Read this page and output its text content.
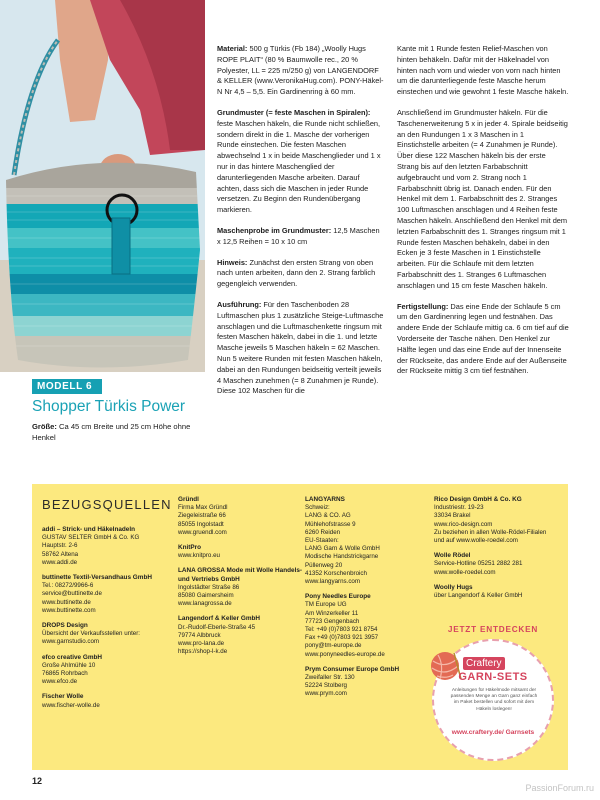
MODELL 6
Shopper Türkis Power
Größe: Ca 45 cm Breite und 25 cm Höhe ohne Henkel

Material: 500 g Türkis (Fb 184) „Woolly Hugs ROPE PLAIT“ (80 % Baumwolle rec., 20 % Polyester, LL = 225 m/250 g) von LANGENDORF & KELLER (www.VeronikaHug.com). PONY-Häkel-N Nr 4,5 – 5,5. Ein Gardinenring à 60 mm.

Grundmuster (= feste Maschen in Spiralen): feste Maschen häkeln, die Runde nicht schließen, sondern direkt in die 1. Masche der vorherigen Runde einstechen. Die festen Maschen abwechselnd 1 x in beide Maschenglieder und 1 x nur in das hintere Maschenglied der darunterliegenden Masche arbeiten. Darauf achten, dass sich die Maschen in jeder Runde versetzen. Zu Beginn den Rundenübergang markieren.

Maschenprobe im Grundmuster: 12,5 Maschen x 12,5 Reihen = 10 x 10 cm

Hinweis: Zunächst den ersten Strang von oben nach unten arbeiten, dann den 2. Strang farblich gegengleich verwenden.

Ausführung: Für den Taschenboden 28 Luftmaschen plus 1 zusätzliche Steige-Luftmasche anschlagen und die Luftmaschenkette ringsum mit festen Maschen häkeln, dabei in die 1. und letzte Masche jeweils 5 Maschen häkeln = 62 Maschen. Nun 5 weitere Runden mit festen Maschen häkeln, dabei an den Rundungen beidseitig verteilt jeweils 4 Maschen zunehmen (= 8 Zunahmen je Runde). Diese 102 Maschen für die

Kante mit 1 Runde festen Relief-Maschen von hinten behäkeln. Dafür mit der Häkelnadel von hinten nach vorn und wieder von vorn nach hinten um die darunterliegende feste Masche herum einstechen und wie gewohnt 1 feste Masche häkeln.

Anschließend im Grundmuster häkeln. Für die Taschenerweiterung 5 x in jeder 4. Spirale beidseitig an den Rundungen 1 x 3 Maschen in 1 Einstichstelle arbeiten (= 4 Zunahmen je Runde). Über diese 122 Maschen häkeln bis der erste Strang bis auf den letzten Farbabschnitt aufgebraucht und vom 2. Strang noch 1 Farbabschnitt übrig ist. Danach enden. Für den Henkel mit dem 1. Farbabschnitt des 2. Stranges 100 Luftmaschen anschlagen und 4 Reihen feste Maschen häkeln. Anschließend den Henkel mit dem letzten Farbabschnitt des 1. Stranges ringsum mit 1 Runde festen Maschen behäkeln, dabei in den Ecken je 3 feste Maschen in 1 Einstichstelle arbeiten. Für die Schlaufe mit dem letzten Farbabschnitt des 1. Stranges 6 Luftmaschen anschlagen und 15 cm feste Maschen häkeln.

Fertigstellung: Das eine Ende der Schlaufe 5 cm um den Gardinenring legen und festnähen. Das andere Ende der Schlaufe mittig ca. 6 cm tief auf die Vorderseite der Tasche nähen. Den Henkel zur Hälfte legen und das eine Ende auf der Innenseite der Rückseite, das andere Ende auf der Außenseite der Rückseite mittig 3 cm tief festnähen.

BEZUGSQUELLEN
addi – Strick- und Häkelnadeln
GUSTAV SELTER GmbH & Co. KG
Hauptstr. 2-6
58762 Altena
www.addi.de
buttinette Textil-Versandhaus GmbH
Tel.: 08272/9966-6
service@buttinette.de
www.buttinette.de
www.buttinette.com
DROPS Design
Übersicht der Verkaufsstellen unter:
www.garnstudio.com
efco creative GmbH
Große Ahlmühle 10
76865 Rohrbach
www.efco.de
Fischer Wolle
www.fischer-wolle.de
Gründl
Firma Max Gründl
Ziegeleistraße 66
85055 Ingolstadt
www.gruendl.com
KnitPro
www.knitpro.eu
LANA GROSSA Mode mit Wolle Handels- und Vertriebs GmbH
Ingolstädter Straße 86
85080 Gaimersheim
www.lanagrossa.de
Langendorf & Keller GmbH
Dr.-Rudolf-Eberle-Straße 45
79774 Albbruck
www.pro-lana.de
https://shop-l-k.de
LANGYARNS
Schweiz:
LANG & CO. AG
Mühlehofstrasse 9
6260 Reiden
EU-Staaten:
LANG Garn & Wolle GmbH
Modische Handstrickgarne
Püllenweg 20
41352 Korschenbroich
www.langyarns.com
Pony Needles Europe
TM Europe UG
Am Winzerkeller 11
77723 Gengenbach
Tel: +49 (0)7803 921 8754
Fax +49 (0)7803 921 3957
pony@tm-europe.de
www.ponyneedles-europe.de
Prym Consumer Europe GmbH
Zweifaller Str. 130
52224 Stolberg
www.prym.com
Rico Design GmbH & Co. KG
Industriestr. 19-23
33034 Brakel
www.rico-design.com
Zu beziehen in allen Wolle-Rödel-Filialen
und auf www.wolle-roedel.com
Wolle Rödel
Service-Hotline 05251 2882 281
www.wolle-roedel.com
Woolly Hugs
über Langendorf & Keller GmbH
JETZT ENTDECKEN
Craftery
GARN-SETS
Anleitungen für Häkelmode mitsamt der passenden Menge an Garn ganz einfach im Paket bestellen und sofort mit dem Häkeln loslegen!
www.craftery.de/ Garnsets
12
PassionForum.ru
